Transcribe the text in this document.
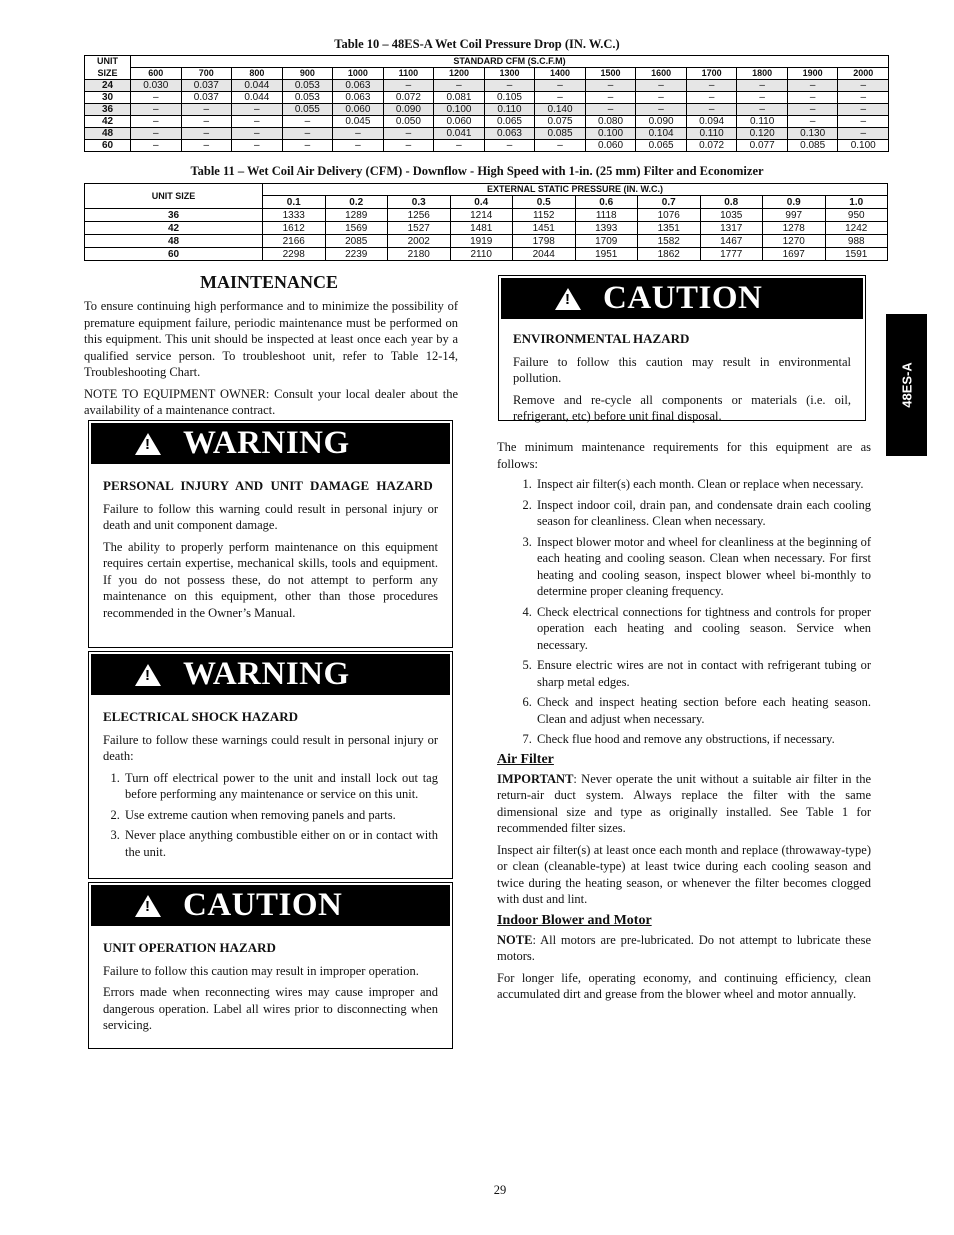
Table 10 – 48ES-A Wet Coil Pressure Drop (IN. W.C.)
UNIT	STANDARD CFM (S.C.F.M)														
SIZE	600	700	800	900	1000	1100	1200	1300	1400	1500	1600	1700	1800	1900	2000
24	0.030	0.037	0.044	0.053	0.063	–	–	–	–	–	–	–	–	–	–
30	–	0.037	0.044	0.053	0.063	0.072	0.081	0.105	–	–	–	–	–	–	–
36	–	–	–	0.055	0.060	0.090	0.100	0.110	0.140	–	–	–	–	–	–
42	–	–	–	–	0.045	0.050	0.060	0.065	0.075	0.080	0.090	0.094	0.110	–	–
48	–	–	–	–	–	–	0.041	0.063	0.085	0.100	0.104	0.110	0.120	0.130	–
60	–	–	–	–	–	–	–	–	–	0.060	0.065	0.072	0.077	0.085	0.100
Table 11 – Wet Coil Air Delivery (CFM) - Downflow - High Speed with 1-in. (25 mm) Filter and Economizer
UNIT SIZE	EXTERNAL STATIC PRESSURE (IN. W.C.)									
	0.1	0.2	0.3	0.4	0.5	0.6	0.7	0.8	0.9	1.0
36	1333	1289	1256	1214	1152	1118	1076	1035	997	950
42	1612	1569	1527	1481	1451	1393	1351	1317	1278	1242
48	2166	2085	2002	1919	1798	1709	1582	1467	1270	988
60	2298	2239	2180	2110	2044	1951	1862	1777	1697	1591
MAINTENANCE

To ensure continuing high performance and to minimize the possibility of premature equipment failure, periodic maintenance must be performed on this equipment. This unit should be inspected at least once each year by a qualified service person. To troubleshoot unit, refer to Table 12-14, Troubleshooting Chart.

NOTE TO EQUIPMENT OWNER: Consult your local dealer about the availability of a maintenance contract.

! WARNING
PERSONAL INJURY AND UNIT DAMAGE HAZARD

Failure to follow this warning could result in personal injury or death and unit component damage.

The ability to properly perform maintenance on this equipment requires certain expertise, mechanical skills, tools and equipment. If you do not possess these, do not attempt to perform any maintenance on this equipment, other than those procedures recommended in the Owner’s Manual.

! WARNING
ELECTRICAL SHOCK HAZARD

Failure to follow these warnings could result in personal injury or death:

1. Turn off electrical power to the unit and install lock out tag before performing any maintenance or service on this unit.
2. Use extreme caution when removing panels and parts.
3. Never place anything combustible either on or in contact with the unit.
! CAUTION
UNIT OPERATION HAZARD

Failure to follow this caution may result in improper operation.

Errors made when reconnecting wires may cause improper and dangerous operation. Label all wires prior to disconnecting when servicing.

! CAUTION
ENVIRONMENTAL HAZARD

Failure to follow this caution may result in environmental pollution.

Remove and re-cycle all components or materials (i.e. oil, refrigerant, etc) before unit final disposal.

The minimum maintenance requirements for this equipment are as follows:

1. Inspect air filter(s) each month. Clean or replace when necessary.
2. Inspect indoor coil, drain pan, and condensate drain each cooling season for cleanliness. Clean when necessary.
3. Inspect blower motor and wheel for cleanliness at the beginning of each heating and cooling season. Clean when necessary. For first heating and cooling season, inspect blower wheel bi-monthly to determine proper cleaning frequency.
4. Check electrical connections for tightness and controls for proper operation each heating and cooling season. Service when necessary.
5. Ensure electric wires are not in contact with refrigerant tubing or sharp metal edges.
6. Check and inspect heating section before each heating season. Clean and adjust when necessary.
7. Check flue hood and remove any obstructions, if necessary.
Air Filter

IMPORTANT: Never operate the unit without a suitable air filter in the return-air duct system. Always replace the filter with the same dimensional size and type as originally installed. See Table 1 for recommended filter sizes.

Inspect air filter(s) at least once each month and replace (throwaway-type) or clean (cleanable-type) at least twice during each cooling season and twice during the heating season, or whenever the filter becomes clogged with dust and lint.

Indoor Blower and Motor

NOTE: All motors are pre-lubricated. Do not attempt to lubricate these motors.

For longer life, operating economy, and continuing efficiency, clean accumulated dirt and grease from the blower wheel and motor annually.

48ES-A
29
